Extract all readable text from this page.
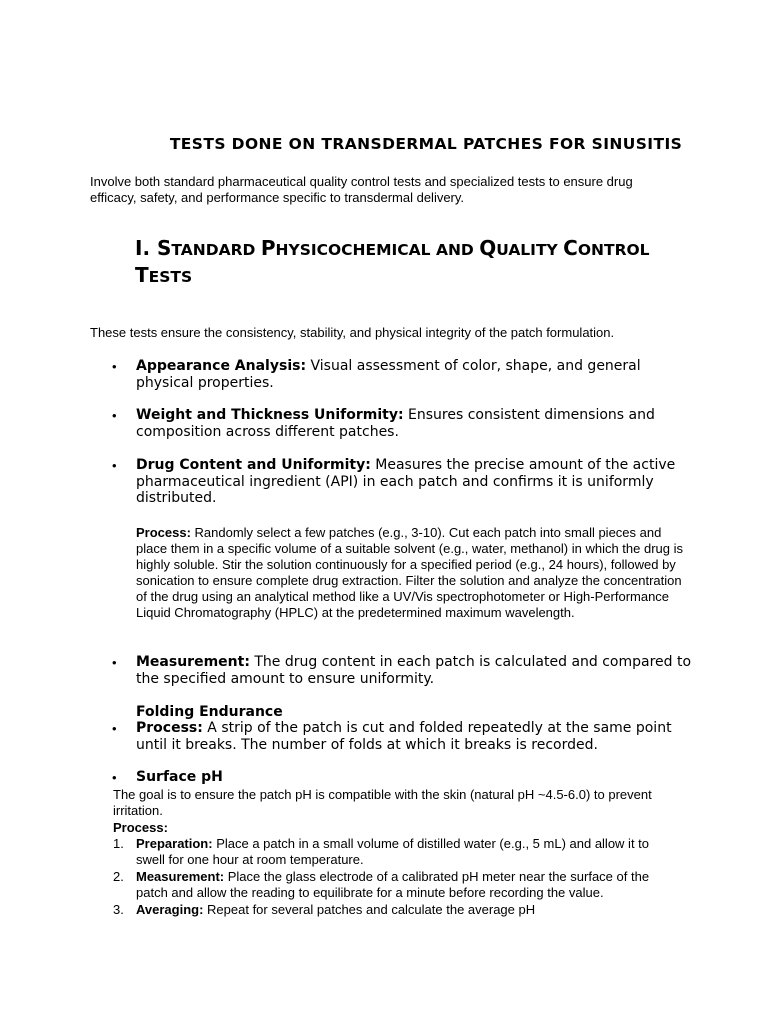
TESTS DONE ON TRANSDERMAL PATCHES FOR SINUSITIS
Involve both standard pharmaceutical quality control tests and specialized tests to ensure drug efficacy, safety, and performance specific to transdermal delivery.
I. STANDARD PHYSICOCHEMICAL AND QUALITY CONTROL
TESTS
These tests ensure the consistency, stability, and physical integrity of the patch formulation.
• Appearance Analysis: Visual assessment of color, shape, and general physical properties.
• Weight and Thickness Uniformity: Ensures consistent dimensions and composition across different patches.
• Drug Content and Uniformity: Measures the precise amount of the active pharmaceutical ingredient (API) in each patch and confirms it is uniformly distributed.
Process: Randomly select a few patches (e.g., 3-10). Cut each patch into small pieces and place them in a specific volume of a suitable solvent (e.g., water, methanol) in which the drug is highly soluble. Stir the solution continuously for a specified period (e.g., 24 hours), followed by sonication to ensure complete drug extraction. Filter the solution and analyze the concentration of the drug using an analytical method like a UV/Vis spectrophotometer or High-Performance Liquid Chromatography (HPLC) at the predetermined maximum wavelength.
• Measurement: The drug content in each patch is calculated and compared to the specified amount to ensure uniformity.
Folding Endurance
• Process: A strip of the patch is cut and folded repeatedly at the same point until it breaks. The number of folds at which it breaks is recorded.
• Surface pH
The goal is to ensure the patch pH is compatible with the skin (natural pH ~4.5-6.0) to prevent irritation.
Process:
1. Preparation: Place a patch in a small volume of distilled water (e.g., 5 mL) and allow it to swell for one hour at room temperature.
2. Measurement: Place the glass electrode of a calibrated pH meter near the surface of the patch and allow the reading to equilibrate for a minute before recording the value.
3. Averaging: Repeat for several patches and calculate the average pH
